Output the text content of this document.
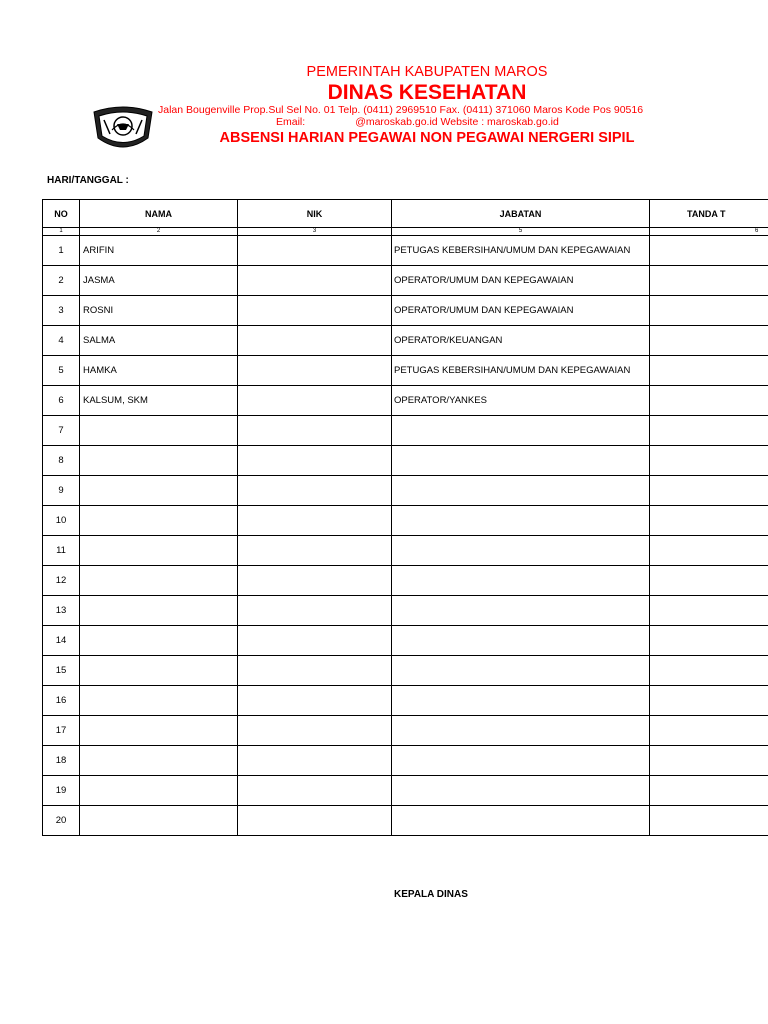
PEMERINTAH KABUPATEN MAROS
DINAS KESEHATAN
Jalan Bougenville Prop.Sul Sel No. 01 Telp. (0411) 2969510 Fax. (0411) 371060 Maros Kode Pos 90516
Email:	@maroskab.go.id Website : maroskab.go.id
ABSENSI HARIAN PEGAWAI NON PEGAWAI NERGERI SIPIL
HARI/TANGGAL :
NO	NAMA	NIK	JABATAN	TANDA T
1	2	3	5	6
1	ARIFIN		PETUGAS KEBERSIHAN/UMUM DAN KEPEGAWAIAN	
2	JASMA		OPERATOR/UMUM DAN KEPEGAWAIAN	
3	ROSNI		OPERATOR/UMUM DAN KEPEGAWAIAN	
4	SALMA		OPERATOR/KEUANGAN	
5	HAMKA		PETUGAS KEBERSIHAN/UMUM DAN KEPEGAWAIAN	
6	KALSUM, SKM		OPERATOR/YANKES	
7				
8				
9				
10				
11				
12				
13				
14				
15				
16				
17				
18				
19				
20				
KEPALA DINAS
